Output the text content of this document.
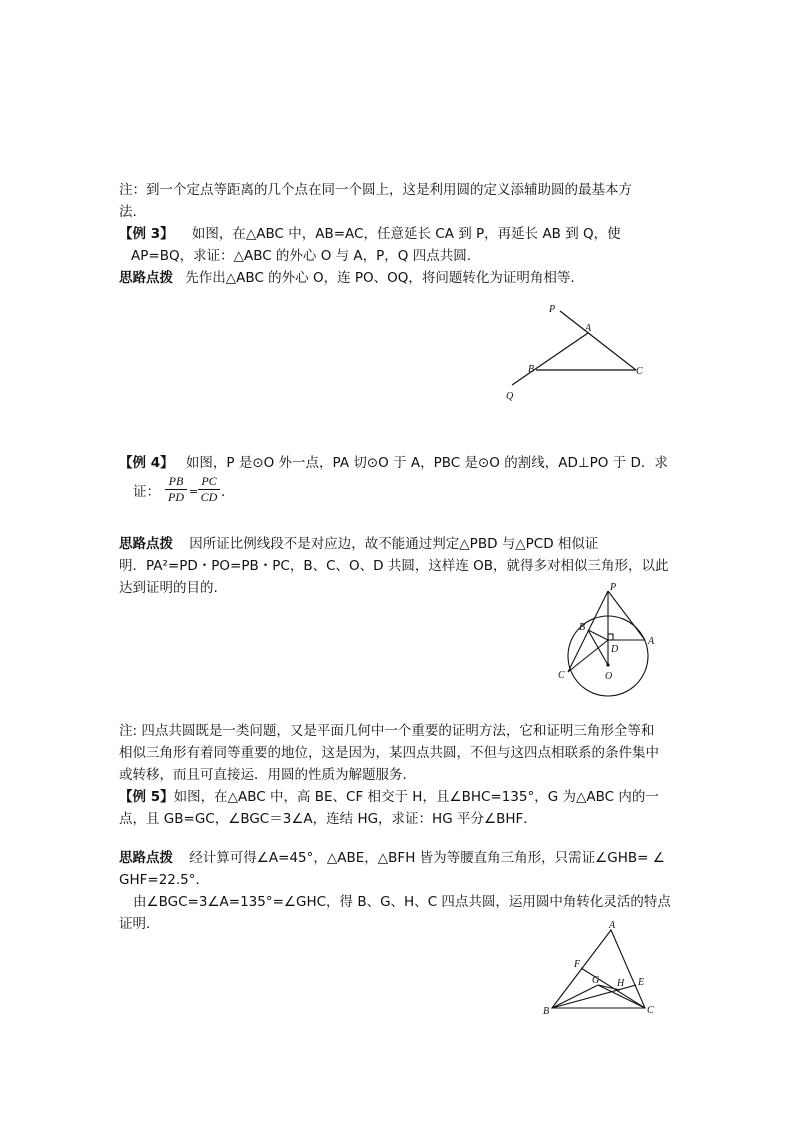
注：到一个定点等距离的几个点在同一个圆上，这是利用圆的定义添辅助圆的最基本方
法.
【例 3】 如图，在△ABC 中，AB=AC，任意延长 CA 到 P，再延长 AB 到 Q，使
AP=BQ，求证：△ABC 的外心 O 与 A，P，Q 四点共圆.
思路点拨 先作出△ABC 的外心 O，连 PO、OQ，将问题转化为证明角相等.
P
A
B	C
Q
【例 4】 如图，P 是⊙O 外一点，PA 切⊙O 于 A，PBC 是⊙O 的割线，AD⊥PO 于 D．求
证： $\frac{PB}{PD} = \frac{PC}{CD}$ ．
思路点拨 因所证比例线段不是对应边，故不能通过判定△PBD 与△PCD 相似证
明．PA²=PD・PO=PB・PC，B、C、O、D 共圆，这样连 OB，就得多对相似三角形，以此
达到证明的目的.	P
B
A
D
C	O
注: 四点共圆既是一类问题，又是平面几何中一个重要的证明方法，它和证明三角形全等和
相似三角形有着同等重要的地位，这是因为，某四点共圆，不但与这四点相联系的条件集中
或转移，而且可直接运．用圆的性质为解题服务.
【例 5】如图，在△ABC 中，高 BE、CF 相交于 H，且∠BHC=135°，G 为△ABC 内的一
点，且 GB=GC，∠BGC＝3∠A，连结 HG，求证：HG 平分∠BHF．
思路点拨 经计算可得∠A=45°，△ABE，△BFH 皆为等腰直角三角形，只需证∠GHB= ∠
GHF=22.5°．
由∠BGC=3∠A=135°=∠GHC，得 B、G、H、C 四点共圆，运用圆中角转化灵活的特点
证明.	A
F
G H E
B	C
